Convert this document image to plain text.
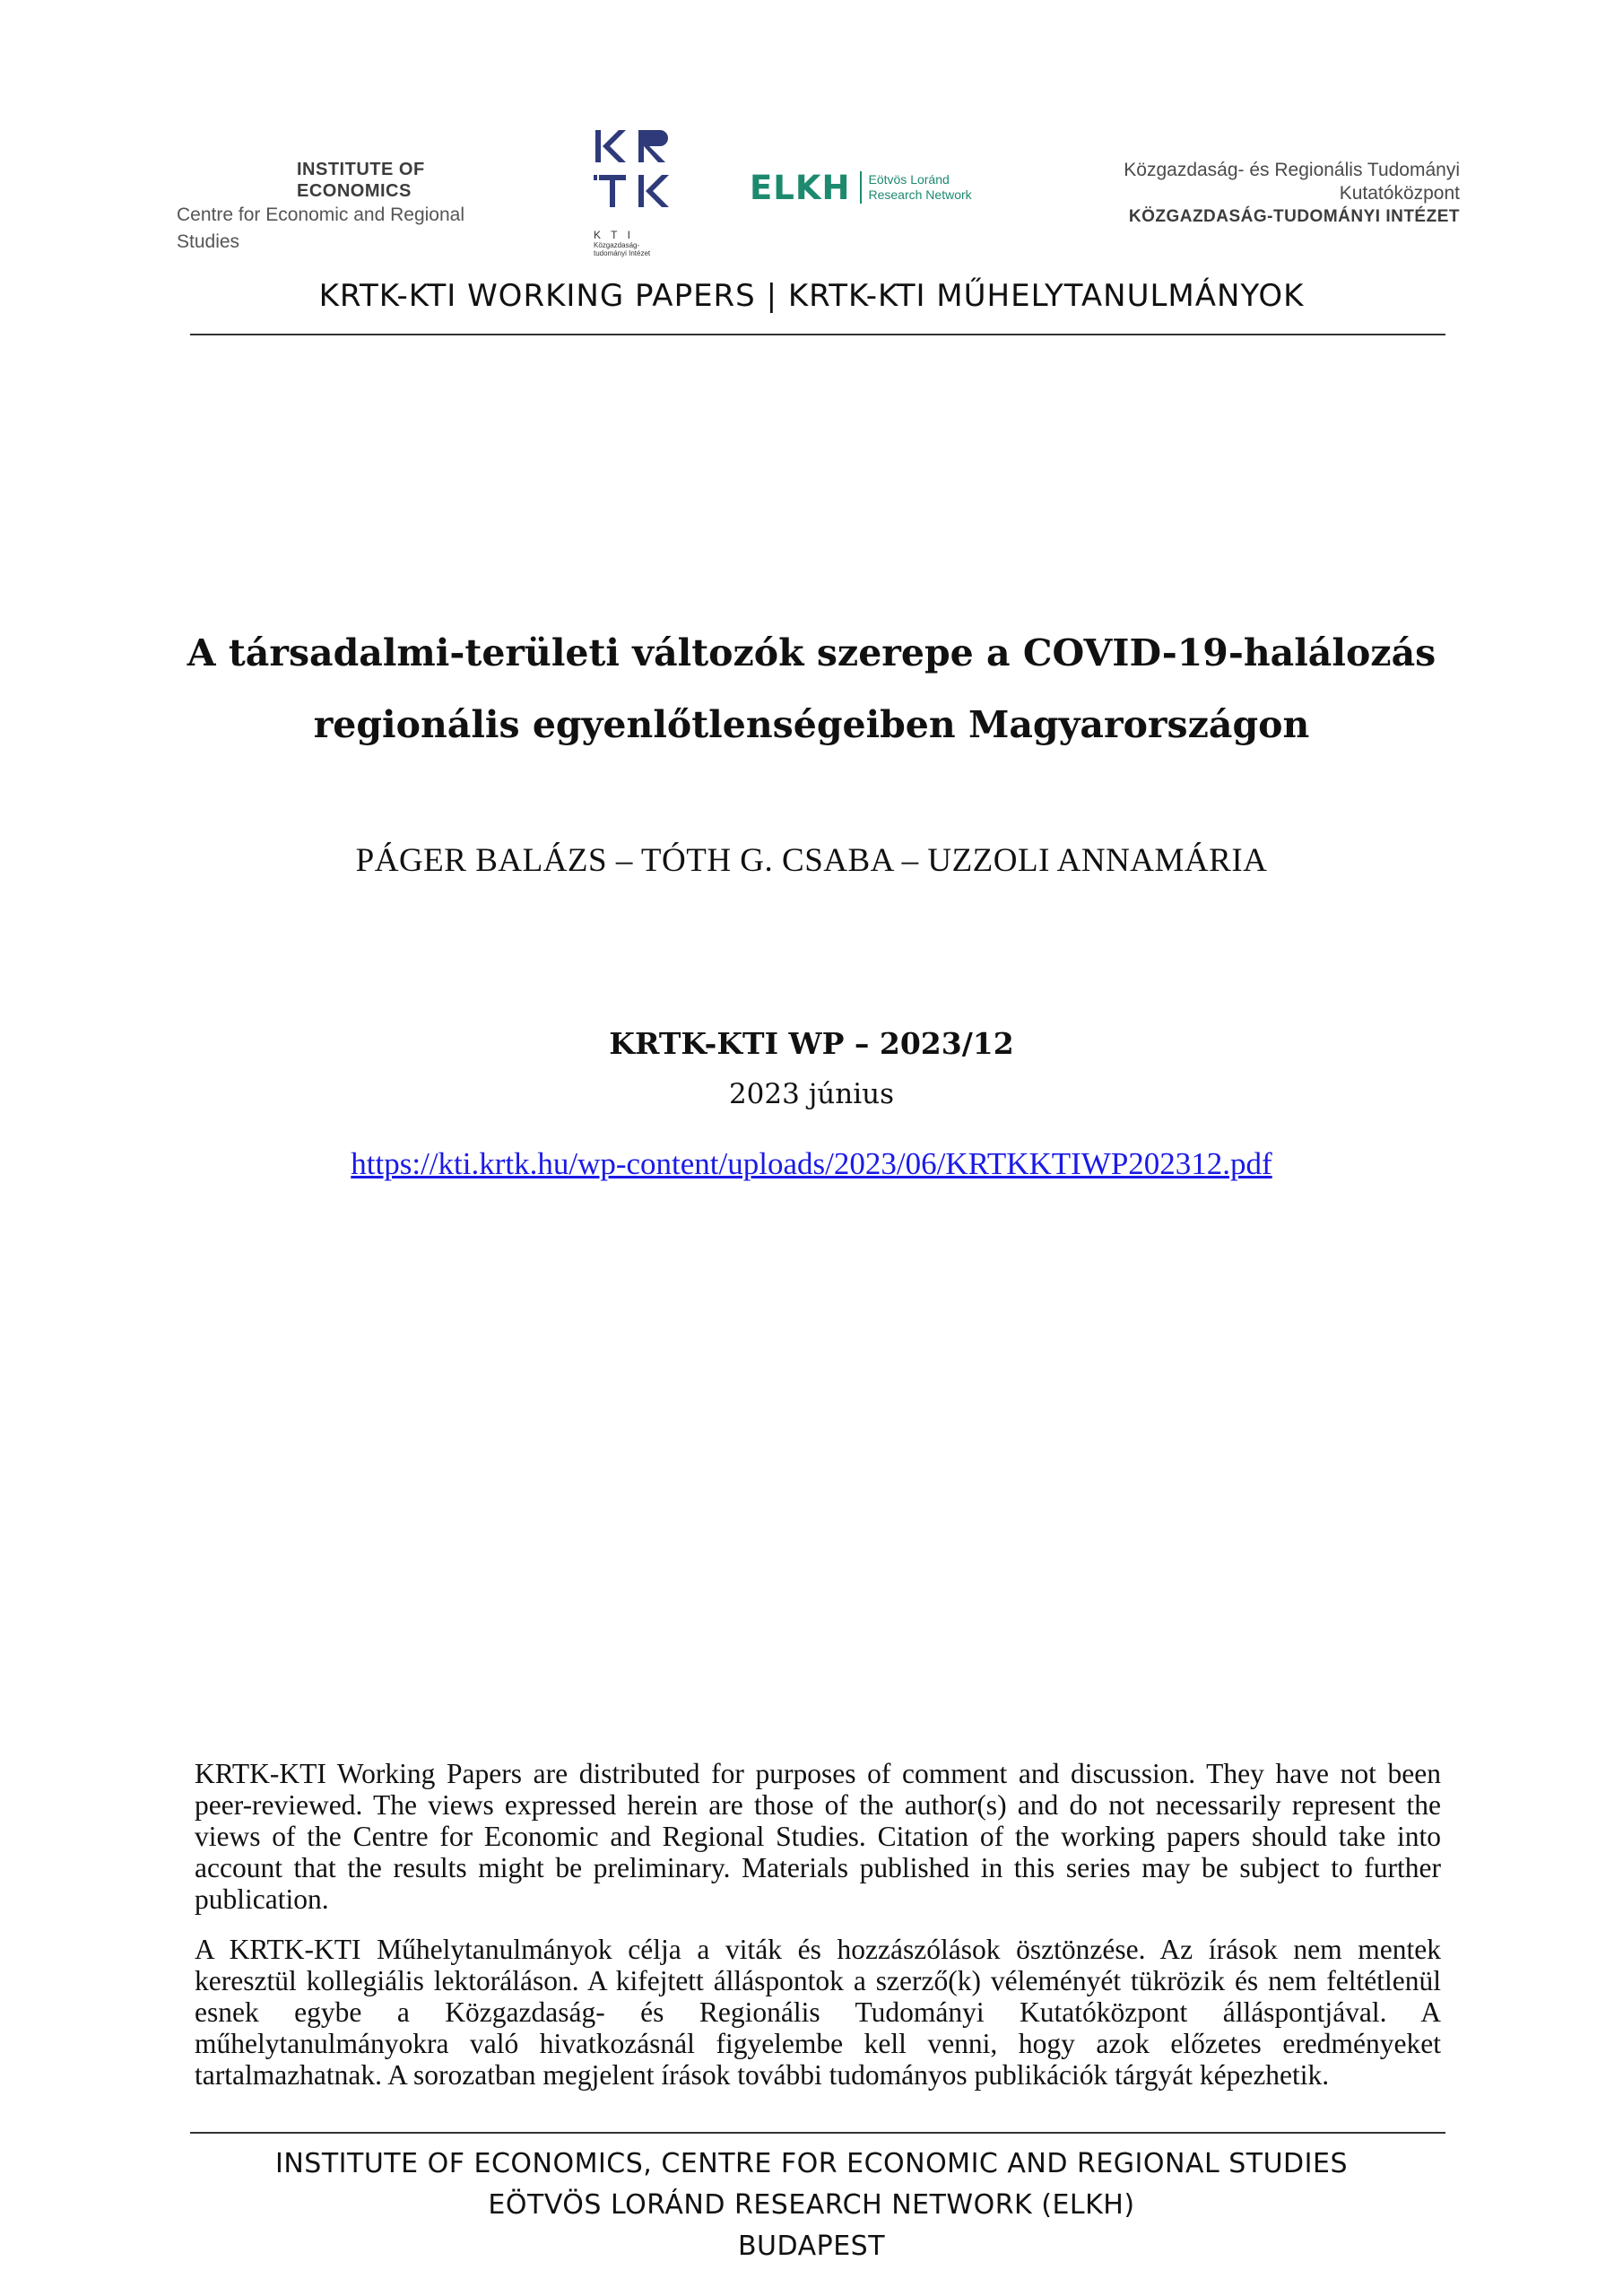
INSTITUTE OF ECONOMICS
Centre for Economic and Regional Studies	K T I
Közgazdaság-tudományi Intézet
ELKH Eötvös Loránd
Research Network
Közgazdaság- és Regionális Tudományi Kutatóközpont
KÖZGAZDASÁG-TUDOMÁNYI INTÉZET
KRTK-KTI WORKING PAPERS | KRTK-KTI MŰHELYTANULMÁNYOK
A társadalmi-területi változók szerepe a COVID-19-halálozás
regionális egyenlőtlenségeiben Magyarországon
PÁGER BALÁZS – TÓTH G. CSABA – UZZOLI ANNAMÁRIA
KRTK-KTI WP – 2023/12
2023 június
https://kti.krtk.hu/wp-content/uploads/2023/06/KRTKKTIWP202312.pdf
KRTK-KTI Working Papers are distributed for purposes of comment and discussion. They have not been peer-reviewed. The views expressed herein are those of the author(s) and do not necessarily represent the views of the Centre for Economic and Regional Studies. Citation of the working papers should take into account that the results might be preliminary. Materials published in this series may be subject to further publication.
A KRTK-KTI Műhelytanulmányok célja a viták és hozzászólások ösztönzése. Az írások nem mentek keresztül kollegiális lektoráláson. A kifejtett álláspontok a szerző(k) véleményét tükrözik és nem feltétlenül esnek egybe a Közgazdaság- és Regionális Tudományi Kutatóközpont álláspontjával. A műhelytanulmányokra való hivatkozásnál figyelembe kell venni, hogy azok előzetes eredményeket tartalmazhatnak. A sorozatban megjelent írások további tudományos publikációk tárgyát képezhetik.
INSTITUTE OF ECONOMICS, CENTRE FOR ECONOMIC AND REGIONAL STUDIES
EÖTVÖS LORÁND RESEARCH NETWORK (ELKH)
BUDAPEST
